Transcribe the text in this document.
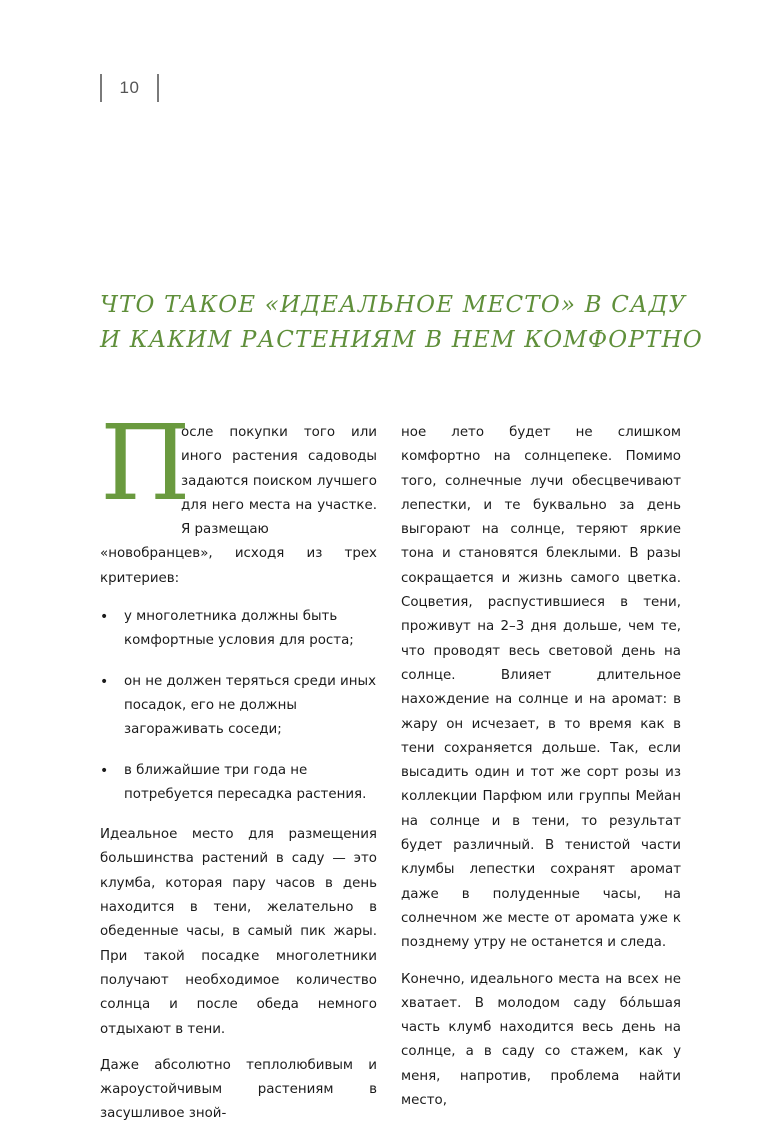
10
ЧТО ТАКОЕ «ИДЕАЛЬНОЕ МЕСТО» В САДУ
И КАКИМ РАСТЕНИЯМ В НЕМ КОМФОРТНО
П

осле покупки того или иного растения садоводы задаются поиском лучшего для него места на участке. Я размещаю

«новобранцев», исходя из трех критериев:

• у многолетника должны быть комфортные условия для роста;
• он не должен теряться среди иных посадок, его не должны загораживать соседи;
• в ближайшие три года не потребуется пересадка растения.

Идеальное место для размещения большинства растений в саду — это клумба, которая пару часов в день находится в тени, желательно в обеденные часы, в самый пик жары. При такой посадке многолетники получают необходимое количество солнца и после обеда немного отдыхают в тени.

Даже абсолютно теплолюбивым и жароустойчивым растениям в засушливое зной-

ное лето будет не слишком комфортно на солнцепеке. Помимо того, солнечные лучи обесцвечивают лепестки, и те буквально за день выгорают на солнце, теряют яркие тона и становятся блеклыми. В разы сокращается и жизнь самого цветка. Соцветия, распустившиеся в тени, проживут на 2–3 дня дольше, чем те, что проводят весь световой день на солнце. Влияет длительное нахождение на солнце и на аромат: в жару он исчезает, в то время как в тени сохраняется дольше. Так, если высадить один и тот же сорт розы из коллекции Парфюм или группы Мейан на солнце и в тени, то результат будет различный. В тенистой части клумбы лепестки сохранят аромат даже в полуденные часы, на солнечном же месте от аромата уже к позднему утру не останется и следа.

Конечно, идеального места на всех не хватает. В молодом саду бо́льшая часть клумб находится весь день на солнце, а в саду со стажем, как у меня, напротив, проблема найти место,
